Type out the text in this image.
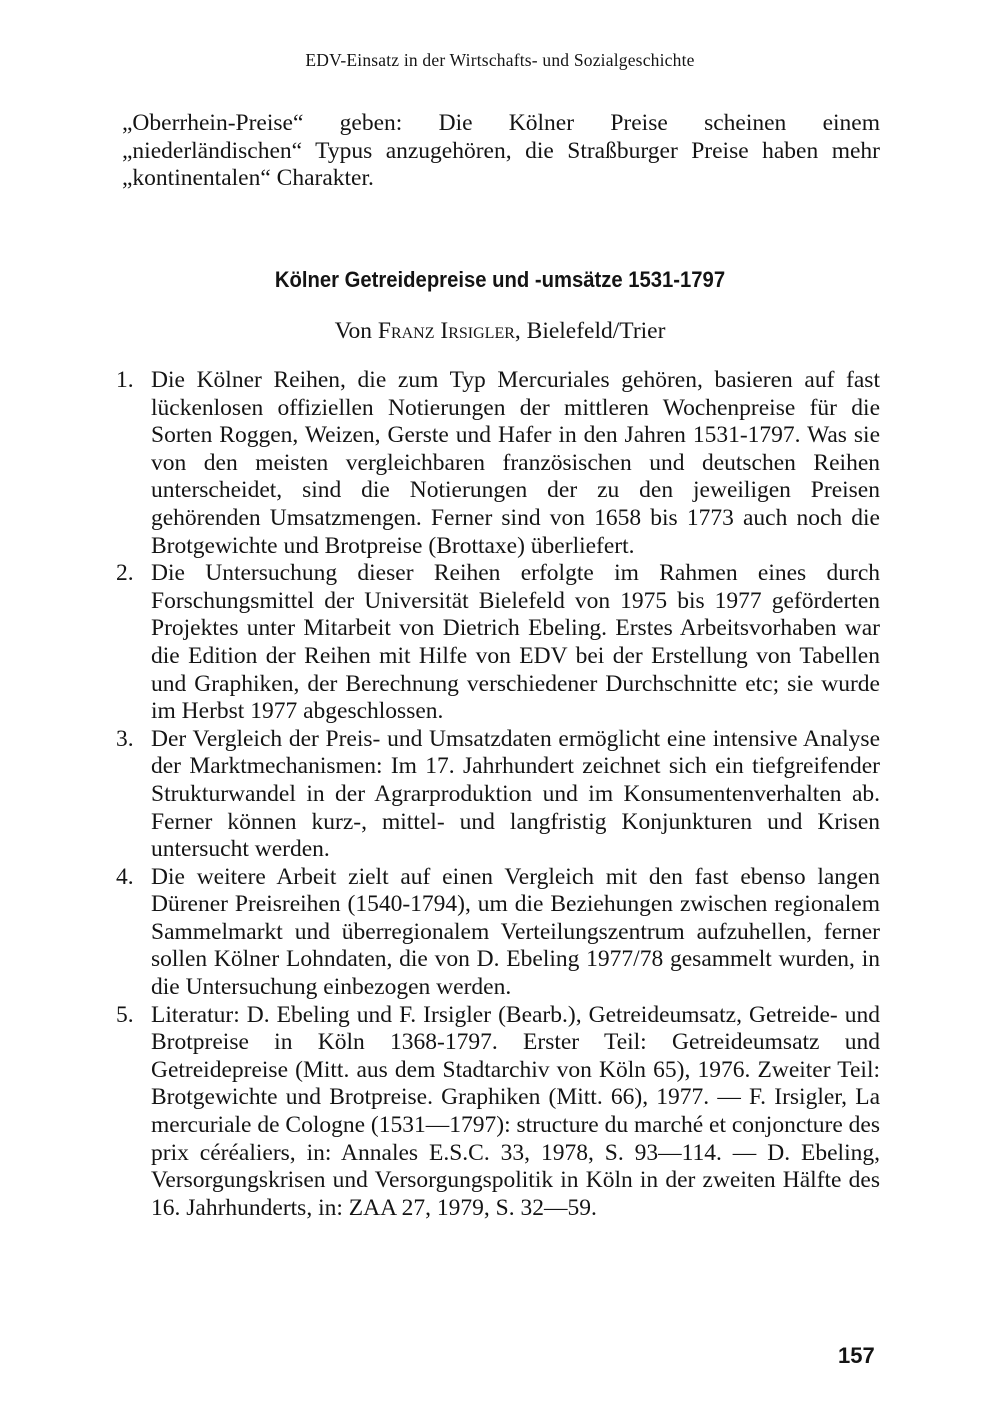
EDV-Einsatz in der Wirtschafts- und Sozialgeschichte

„Oberrhein-Preise“ geben: Die Kölner Preise scheinen einem „niederländischen“ Typus anzugehören, die Straßburger Preise haben mehr „kontinentalen“ Charakter.

Kölner Getreidepreise und -umsätze 1531-1797
Von Franz Irsigler, Bielefeld/Trier
1. Die Kölner Reihen, die zum Typ Mercuriales gehören, basieren auf fast lückenlosen offiziellen Notierungen der mittleren Wochenpreise für die Sorten Roggen, Weizen, Gerste und Hafer in den Jahren 1531-1797. Was sie von den meisten vergleichbaren französischen und deutschen Reihen unterscheidet, sind die Notierungen der zu den jeweiligen Preisen gehörenden Umsatzmengen. Ferner sind von 1658 bis 1773 auch noch die Brotgewichte und Brotpreise (Brottaxe) überliefert.
2. Die Untersuchung dieser Reihen erfolgte im Rahmen eines durch Forschungsmittel der Universität Bielefeld von 1975 bis 1977 geförderten Projektes unter Mitarbeit von Dietrich Ebeling. Erstes Arbeitsvorhaben war die Edition der Reihen mit Hilfe von EDV bei der Erstellung von Tabellen und Graphiken, der Berechnung verschiedener Durchschnitte etc; sie wurde im Herbst 1977 abgeschlossen.
3. Der Vergleich der Preis- und Umsatzdaten ermöglicht eine intensive Analyse der Marktmechanismen: Im 17. Jahrhundert zeichnet sich ein tiefgreifender Strukturwandel in der Agrarproduktion und im Konsumentenverhalten ab. Ferner können kurz-, mittel- und langfristig Konjunkturen und Krisen untersucht werden.
4. Die weitere Arbeit zielt auf einen Vergleich mit den fast ebenso langen Dürener Preisreihen (1540-1794), um die Beziehungen zwischen regionalem Sammelmarkt und überregionalem Verteilungszentrum aufzuhellen, ferner sollen Kölner Lohndaten, die von D. Ebeling 1977/78 gesammelt wurden, in die Untersuchung einbezogen werden.
5. Literatur: D. Ebeling und F. Irsigler (Bearb.), Getreideumsatz, Getreide- und Brotpreise in Köln 1368-1797. Erster Teil: Getreideumsatz und Getreidepreise (Mitt. aus dem Stadtarchiv von Köln 65), 1976. Zweiter Teil: Brotgewichte und Brotpreise. Graphiken (Mitt. 66), 1977. — F. Irsigler, La mercuriale de Cologne (1531—1797): structure du marché et conjoncture des prix céréaliers, in: Annales E.S.C. 33, 1978, S. 93—114. — D. Ebeling, Versorgungskrisen und Versorgungspolitik in Köln in der zweiten Hälfte des 16. Jahrhunderts, in: ZAA 27, 1979, S. 32—59.
157
